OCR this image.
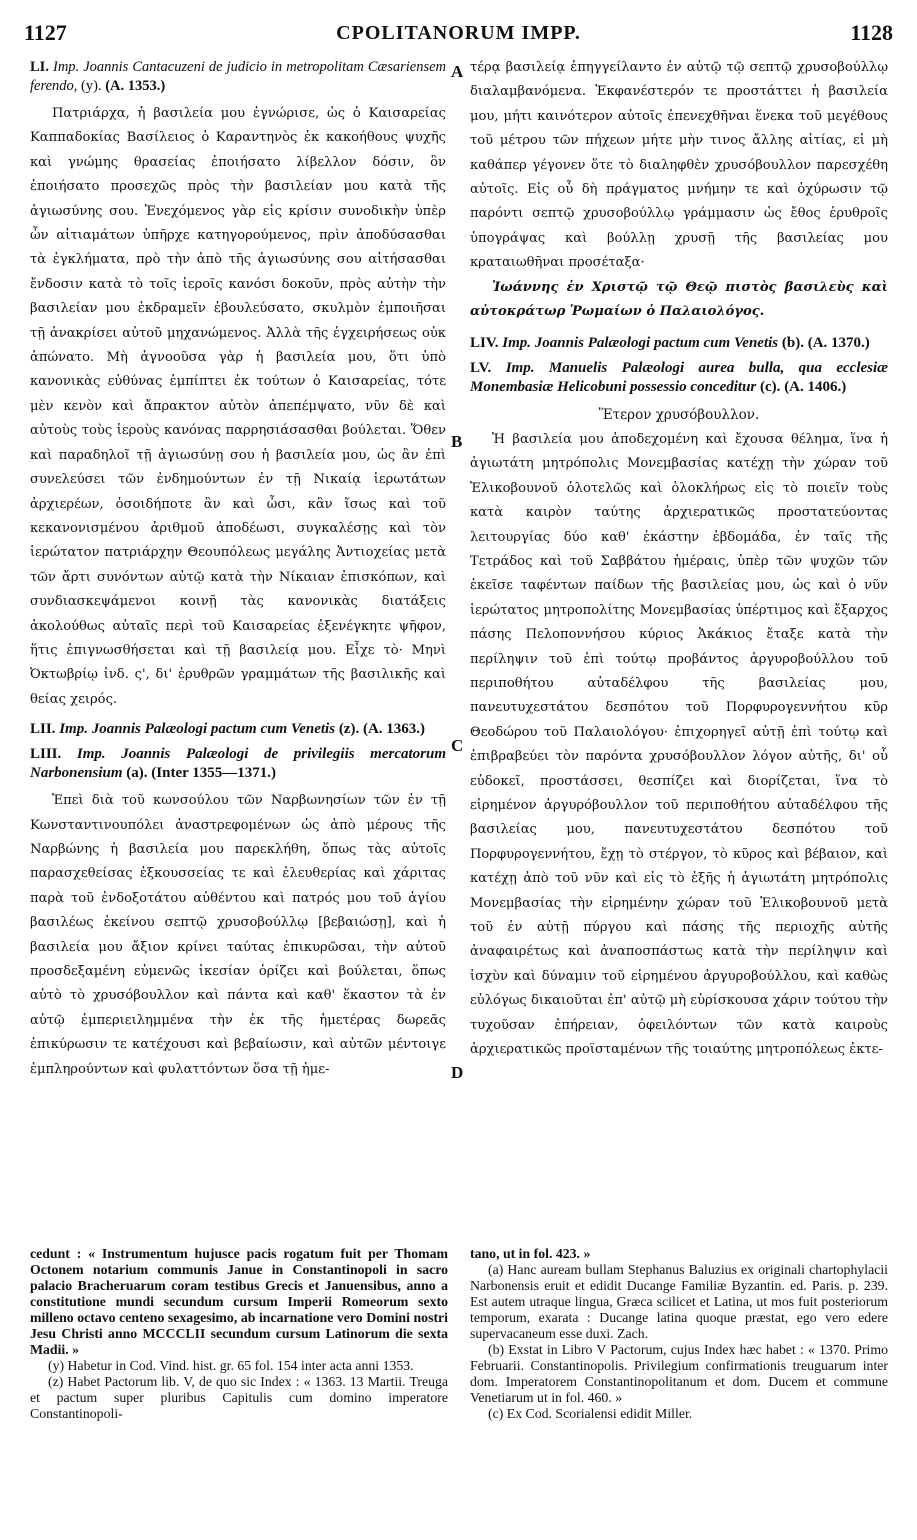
1127	CPOLITANORUM IMPP.	1128
A
B
C
D
LI. Imp. Joannis Cantacuzeni de judicio in metropolitam Cæsariensem ferendo, (y). (A. 1353.)

Πατριάρχα, ἡ βασιλεία μου ἐγνώρισε, ὡς ὁ Καισαρείας Καππαδοκίας Βασίλειος ὁ Καραντηνὸς ἐκ κακοήθους ψυχῆς καὶ γνώμης θρασείας ἐποιήσατο λίβελλον δόσιν, ὃν ἐποιήσατο προσεχῶς πρὸς τὴν βασιλείαν μου κατὰ τῆς ἁγιωσύνης σου. Ἐνεχόμενος γὰρ εἰς κρίσιν συνοδικὴν ὑπὲρ ὧν αἰτιαμάτων ὑπῆρχε κατηγορούμενος, πρὶν ἀποδύσασθαι τὰ ἐγκλήματα, πρὸ τὴν ἀπὸ τῆς ἁγιωσύνης σου αἰτήσασθαι ἔνδοσιν κατὰ τὸ τοῖς ἱεροῖς κανόσι δοκοῦν, πρὸς αὐτὴν τὴν βασιλείαν μου ἐκδραμεῖν ἐβουλεύσατο, σκυλμὸν ἐμποιῆσαι τῇ ἀνακρίσει αὐτοῦ μηχανώμενος. Ἀλλὰ τῆς ἐγχειρήσεως οὐκ ἀπώνατο. Μὴ ἀγνοοῦσα γὰρ ἡ βασιλεία μου, ὅτι ὑπὸ κανονικὰς εὐθύνας ἐμπίπτει ἐκ τούτων ὁ Καισαρείας, τότε μὲν κενὸν καὶ ἄπρακτον αὐτὸν ἀπεπέμψατο, νῦν δὲ καὶ αὐτοὺς τοὺς ἱεροὺς κανόνας παρρησιάσασθαι βούλεται. Ὅθεν καὶ παραδηλοῖ τῇ ἁγιωσύνῃ σου ἡ βασιλεία μου, ὡς ἂν ἐπὶ συνελεύσει τῶν ἐνδημούντων ἐν τῇ Νικαίᾳ ἱερωτάτων ἀρχιερέων, ὁσοιδήποτε ἂν καὶ ὦσι, κἂν ἴσως καὶ τοῦ κεκανονισμένου ἀριθμοῦ ἀποδέωσι, συγκαλέσῃς καὶ τὸν ἱερώτατον πατριάρχην Θεουπόλεως μεγάλης Ἀντιοχείας μετὰ τῶν ἄρτι συνόντων αὐτῷ κατὰ τὴν Νίκαιαν ἐπισκόπων, καὶ συνδιασκεψάμενοι κοινῇ τὰς κανονικὰς διατάξεις ἀκολούθως αὐταῖς περὶ τοῦ Καισαρείας ἐξενέγκητε ψῆφον, ἥτις ἐπιγνωσθήσεται καὶ τῇ βασιλείᾳ μου. Εἶχε τὸ· Μηνὶ Ὀκτωβρίῳ ἰνδ. ς', δι' ἐρυθρῶν γραμμάτων τῆς βασιλικῆς καὶ θείας χειρός.

LII. Imp. Joannis Palæologi pactum cum Venetis (z). (A. 1363.)
LIII. Imp. Joannis Palæologi de privilegiis mercatorum Narbonensium (a). (Inter 1355—1371.)

Ἐπεὶ διὰ τοῦ κωνσούλου τῶν Ναρβωνησίων τῶν ἐν τῇ Κωνσταντινουπόλει ἀναστρεφομένων ὡς ἀπὸ μέρους τῆς Ναρβώνης ἡ βασιλεία μου παρεκλήθη, ὅπως τὰς αὐτοῖς παρασχεθείσας ἐξκουσσείας τε καὶ ἐλευθερίας καὶ χάριτας παρὰ τοῦ ἐνδοξοτάτου αὐθέντου καὶ πατρός μου τοῦ ἁγίου βασιλέως ἐκείνου σεπτῷ χρυσοβούλλῳ [βεβαιώσῃ], καὶ ἡ βασιλεία μου ἄξιον κρίνει ταύτας ἐπικυρῶσαι, τὴν αὐτοῦ προσδεξαμένη εὐμενῶς ἱκεσίαν ὁρίζει καὶ βούλεται, ὅπως αὐτὸ τὸ χρυσόβουλλον καὶ πάντα καὶ καθ' ἕκαστον τὰ ἐν αὐτῷ ἐμπεριειλημμένα τὴν ἐκ τῆς ἡμετέρας δωρεᾶς ἐπικύρωσιν τε κατέχουσι καὶ βεβαίωσιν, καὶ αὐτῶν μέντοιγε ἐμπληρούντων καὶ φυλαττόντων ὅσα τῇ ἡμε-

τέρᾳ βασιλείᾳ ἐπηγγείλαντο ἐν αὐτῷ τῷ σεπτῷ χρυσοβούλλῳ διαλαμβανόμενα. Ἐκφανέστερόν τε προστάττει ἡ βασιλεία μου, μήτι καινότερον αὐτοῖς ἐπενεχθῆναι ἕνεκα τοῦ μεγέθους τοῦ μέτρου τῶν πήχεων μήτε μὴν τινος ἄλλης αἰτίας, εἰ μὴ καθάπερ γέγονεν ὅτε τὸ διαληφθὲν χρυσόβουλλον παρεσχέθη αὐτοῖς. Εἰς οὗ δὴ πράγματος μνήμην τε καὶ ὀχύρωσιν τῷ παρόντι σεπτῷ χρυσοβούλλῳ γράμμασιν ὡς ἔθος ἐρυθροῖς ὑπογράψας καὶ βούλλῃ χρυσῇ τῆς βασιλείας μου κραταιωθῆναι προσέταξα·

Ἰωάννης ἐν Χριστῷ τῷ Θεῷ πιστὸς βασιλεὺς καὶ αὐτοκράτωρ Ῥωμαίων ὁ Παλαιολόγος.

LIV. Imp. Joannis Palæologi pactum cum Venetis (b). (A. 1370.)
LV. Imp. Manuelis Palæologi aurea bulla, qua ecclesiæ Monembasiæ Helicobuni possessio conceditur (c). (A. 1406.)

Ἕτερον χρυσόβουλλον.

Ἡ βασιλεία μου ἀποδεχομένη καὶ ἔχουσα θέλημα, ἵνα ἡ ἁγιωτάτη μητρόπολις Μονεμβασίας κατέχῃ τὴν χώραν τοῦ Ἑλικοβουνοῦ ὁλοτελῶς καὶ ὁλοκλήρως εἰς τὸ ποιεῖν τοὺς κατὰ καιρὸν ταύτης ἀρχιερατικῶς προστατεύοντας λειτουργίας δύο καθ' ἑκάστην ἑβδομάδα, ἐν ταῖς τῆς Τετράδος καὶ τοῦ Σαββάτου ἡμέραις, ὑπὲρ τῶν ψυχῶν τῶν ἐκεῖσε ταφέντων παίδων τῆς βασιλείας μου, ὡς καὶ ὁ νῦν ἱερώτατος μητροπολίτης Μονεμβασίας ὑπέρτιμος καὶ ἔξαρχος πάσης Πελοποννήσου κύριος Ἀκάκιος ἔταξε κατὰ τὴν περίληψιν τοῦ ἐπὶ τούτῳ προβάντος ἀργυροβούλλου τοῦ περιποθήτου αὐταδέλφου τῆς βασιλείας μου, πανευτυχεστάτου δεσπότου τοῦ Πορφυρογεννήτου κῦρ Θεοδώρου τοῦ Παλαιολόγου· ἐπιχορηγεῖ αὐτῇ ἐπὶ τούτῳ καὶ ἐπιβραβεύει τὸν παρόντα χρυσόβουλλον λόγον αὐτῆς, δι' οὗ εὐδοκεῖ, προστάσσει, θεσπίζει καὶ διορίζεται, ἵνα τὸ εἰρημένον ἀργυρόβουλλον τοῦ περιποθήτου αὐταδέλφου τῆς βασιλείας μου, πανευτυχεστάτου δεσπότου τοῦ Πορφυρογεννήτου, ἔχῃ τὸ στέργον, τὸ κῦρος καὶ βέβαιον, καὶ κατέχῃ ἀπὸ τοῦ νῦν καὶ εἰς τὸ ἑξῆς ἡ ἁγιωτάτη μητρόπολις Μονεμβασίας τὴν εἰρημένην χώραν τοῦ Ἑλικοβουνοῦ μετὰ τοῦ ἐν αὐτῇ πύργου καὶ πάσης τῆς περιοχῆς αὐτῆς ἀναφαιρέτως καὶ ἀναποσπάστως κατὰ τὴν περίληψιν καὶ ἰσχὺν καὶ δύναμιν τοῦ εἰρημένου ἀργυροβούλλου, καὶ καθὼς εὐλόγως δικαιοῦται ἐπ' αὐτῷ μὴ εὑρίσκουσα χάριν τούτου τὴν τυχοῦσαν ἐπήρειαν, ὀφειλόντων τῶν κατὰ καιροὺς ἀρχιερατικῶς προϊσταμένων τῆς τοιαύτης μητροπόλεως ἐκτε-

cedunt : « Instrumentum hujusce pacis rogatum fuit per Thomam Octonem notarium communis Janue in Constantinopoli in sacro palacio Bracheruarum coram testibus Grecis et Januensibus, anno a constitutione mundi secundum cursum Imperii Romeorum sexto milleno octavo centeno sexagesimo, ab incarnatione vero Domini nostri Jesu Christi anno MCCCLII secundum cursum Latinorum die sexta Madii. »

(y) Habetur in Cod. Vind. hist. gr. 65 fol. 154 inter acta anni 1353.

(z) Habet Pactorum lib. V, de quo sic Index : « 1363. 13 Martii. Treuga et pactum super pluribus Capitulis cum domino imperatore Constantinopoli-

tano, ut in fol. 423. »

(a) Hanc auream bullam Stephanus Baluzius ex originali chartophylacii Narbonensis eruit et edidit Ducange Familiæ Byzantin. ed. Paris. p. 239. Est autem utraque lingua, Græca scilicet et Latina, ut mos fuit posteriorum temporum, exarata : Ducange latina quoque præstat, ego vero edere supervacaneum esse duxi. Zach.

(b) Exstat in Libro V Pactorum, cujus Index hæc habet : « 1370. Primo Februarii. Constantinopolis. Privilegium confirmationis treuguarum inter dom. Imperatorem Constantinopolitanum et dom. Ducem et commune Venetiarum ut in fol. 460. »

(c) Ex Cod. Scorialensi edidit Miller.
